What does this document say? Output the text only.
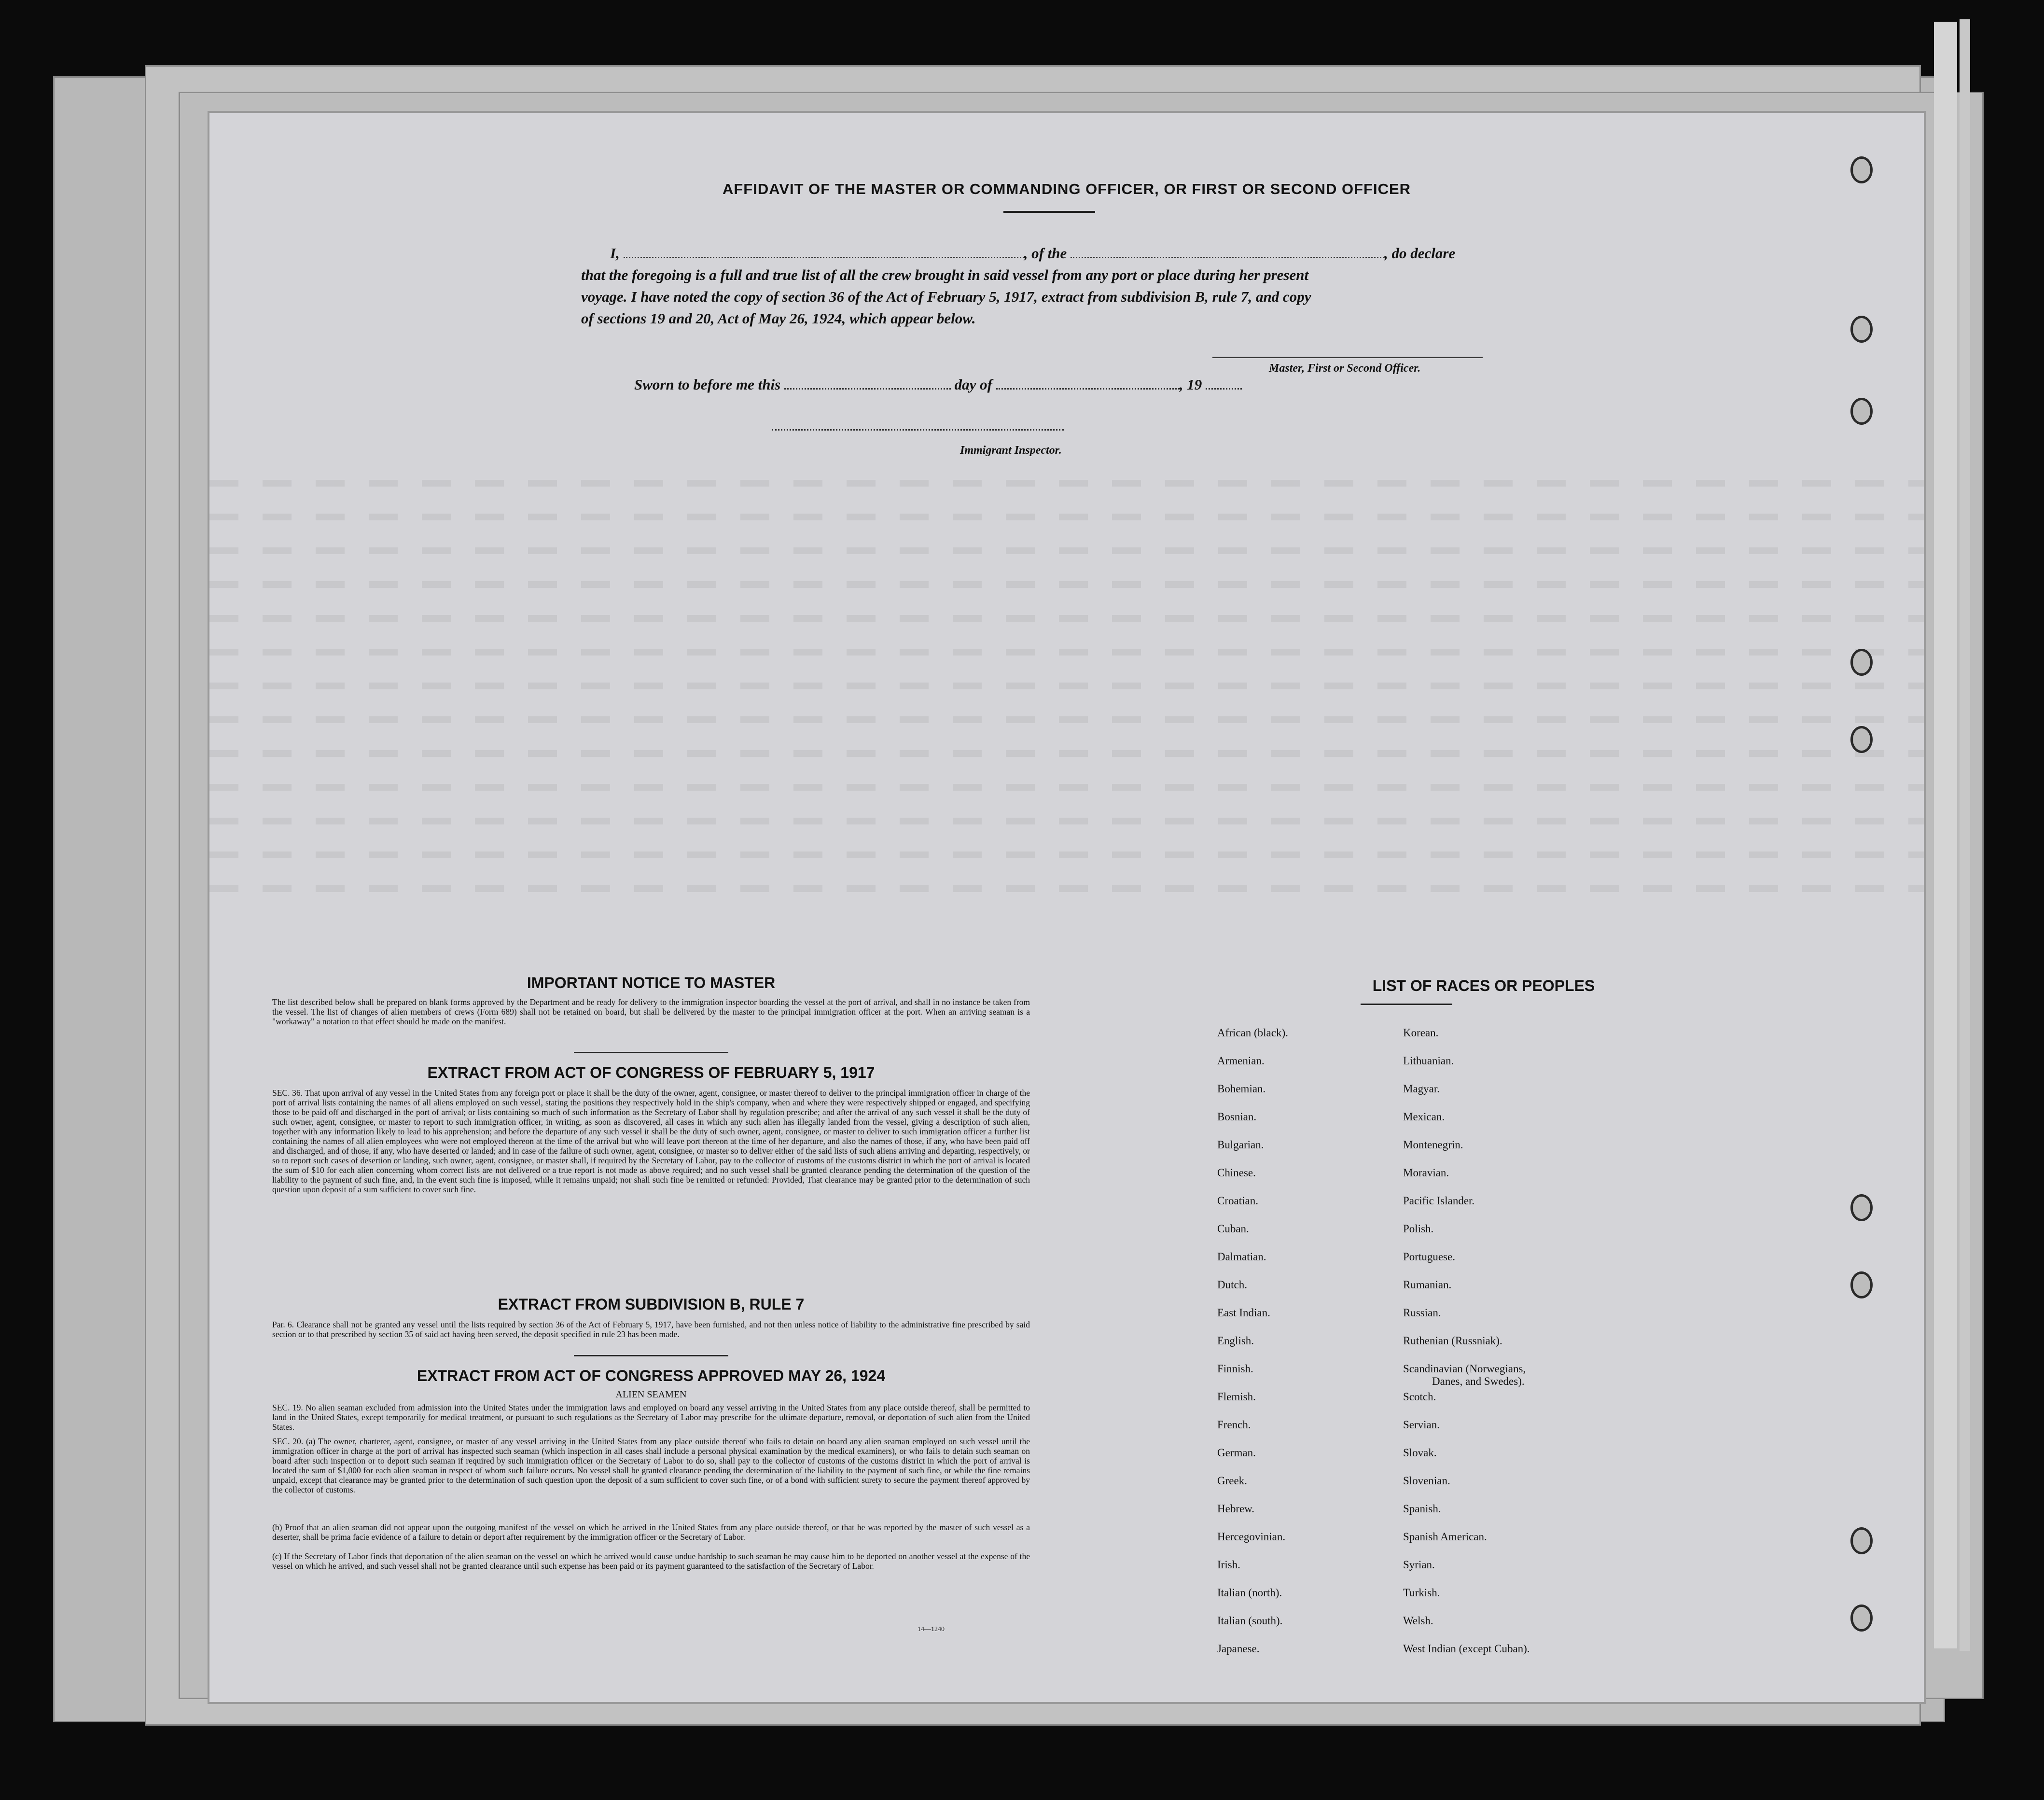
AFFIDAVIT OF THE MASTER OR COMMANDING OFFICER, OR FIRST OR SECOND OFFICER
I,	, of the	, do declare
that the foregoing is a full and true list of all the crew brought in said vessel from any port or place during her present
voyage. I have noted the copy of section 36 of the Act of February 5, 1917, extract from subdivision B, rule 7, and copy
of sections 19 and 20, Act of May 26, 1924, which appear below.
Master, First or Second Officer.
Sworn to before me this	day of	, 19
Immigrant Inspector.
IMPORTANT NOTICE TO MASTER
The list described below shall be prepared on blank forms approved by the Department and be ready for delivery to the immigration inspector boarding the vessel at the port of arrival, and shall in no instance be taken from the vessel. The list of changes of alien members of crews (Form 689) shall not be retained on board, but shall be delivered by the master to the principal immigration officer at the port. When an arriving seaman is a "workaway" a notation to that effect should be made on the manifest.
EXTRACT FROM ACT OF CONGRESS OF FEBRUARY 5, 1917
SEC. 36. That upon arrival of any vessel in the United States from any foreign port or place it shall be the duty of the owner, agent, consignee, or master thereof to deliver to the principal immigration officer in charge of the port of arrival lists containing the names of all aliens employed on such vessel, stating the positions they respectively hold in the ship's company, when and where they were respectively shipped or engaged, and specifying those to be paid off and discharged in the port of arrival; or lists containing so much of such information as the Secretary of Labor shall by regulation prescribe; and after the arrival of any such vessel it shall be the duty of such owner, agent, consignee, or master to report to such immigration officer, in writing, as soon as discovered, all cases in which any such alien has illegally landed from the vessel, giving a description of such alien, together with any information likely to lead to his apprehension; and before the departure of any such vessel it shall be the duty of such owner, agent, consignee, or master to deliver to such immigration officer a further list containing the names of all alien employees who were not employed thereon at the time of the arrival but who will leave port thereon at the time of her departure, and also the names of those, if any, who have been paid off and discharged, and of those, if any, who have deserted or landed; and in case of the failure of such owner, agent, consignee, or master so to deliver either of the said lists of such aliens arriving and departing, respectively, or so to report such cases of desertion or landing, such owner, agent, consignee, or master shall, if required by the Secretary of Labor, pay to the collector of customs of the customs district in which the port of arrival is located the sum of $10 for each alien concerning whom correct lists are not delivered or a true report is not made as above required; and no such vessel shall be granted clearance pending the determination of the question of the liability to the payment of such fine, and, in the event such fine is imposed, while it remains unpaid; nor shall such fine be remitted or refunded: Provided, That clearance may be granted prior to the determination of such question upon deposit of a sum sufficient to cover such fine.
EXTRACT FROM SUBDIVISION B, RULE 7
Par. 6. Clearance shall not be granted any vessel until the lists required by section 36 of the Act of February 5, 1917, have been furnished, and not then unless notice of liability to the administrative fine prescribed by said section or to that prescribed by section 35 of said act having been served, the deposit specified in rule 23 has been made.
EXTRACT FROM ACT OF CONGRESS APPROVED MAY 26, 1924
ALIEN SEAMEN
SEC. 19. No alien seaman excluded from admission into the United States under the immigration laws and employed on board any vessel arriving in the United States from any place outside thereof, shall be permitted to land in the United States, except temporarily for medical treatment, or pursuant to such regulations as the Secretary of Labor may prescribe for the ultimate departure, removal, or deportation of such alien from the United States.
SEC. 20. (a) The owner, charterer, agent, consignee, or master of any vessel arriving in the United States from any place outside thereof who fails to detain on board any alien seaman employed on such vessel until the immigration officer in charge at the port of arrival has inspected such seaman (which inspection in all cases shall include a personal physical examination by the medical examiners), or who fails to detain such seaman on board after such inspection or to deport such seaman if required by such immigration officer or the Secretary of Labor to do so, shall pay to the collector of customs of the customs district in which the port of arrival is located the sum of $1,000 for each alien seaman in respect of whom such failure occurs. No vessel shall be granted clearance pending the determination of the liability to the payment of such fine, or while the fine remains unpaid, except that clearance may be granted prior to the determination of such question upon the deposit of a sum sufficient to cover such fine, or of a bond with sufficient surety to secure the payment thereof approved by the collector of customs.
(b) Proof that an alien seaman did not appear upon the outgoing manifest of the vessel on which he arrived in the United States from any place outside thereof, or that he was reported by the master of such vessel as a deserter, shall be prima facie evidence of a failure to detain or deport after requirement by the immigration officer or the Secretary of Labor.
(c) If the Secretary of Labor finds that deportation of the alien seaman on the vessel on which he arrived would cause undue hardship to such seaman he may cause him to be deported on another vessel at the expense of the vessel on which he arrived, and such vessel shall not be granted clearance until such expense has been paid or its payment guaranteed to the satisfaction of the Secretary of Labor.
14—1240
LIST OF RACES OR PEOPLES
African (black).
Armenian.
Bohemian.
Bosnian.
Bulgarian.
Chinese.
Croatian.
Cuban.
Dalmatian.
Dutch.
East Indian.
English.
Finnish.
Flemish.
French.
German.
Greek.
Hebrew.
Hercegovinian.
Irish.
Italian (north).
Italian (south).
Japanese.
Korean.
Lithuanian.
Magyar.
Mexican.
Montenegrin.
Moravian.
Pacific Islander.
Polish.
Portuguese.
Rumanian.
Russian.
Ruthenian (Russniak).
Scandinavian (Norwegians,
Danes, and Swedes).
Scotch.
Servian.
Slovak.
Slovenian.
Spanish.
Spanish American.
Syrian.
Turkish.
Welsh.
West Indian (except Cuban).
